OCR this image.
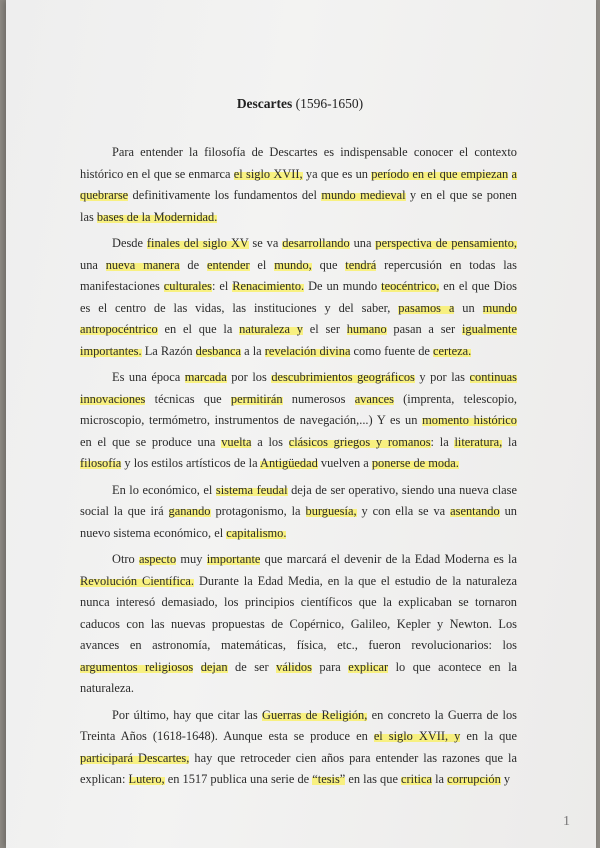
Descartes (1596-1650)

Para entender la filosofía de Descartes es indispensable conocer el contexto histórico en el que se enmarca el siglo XVII, ya que es un período en el que empiezan a quebrarse definitivamente los fundamentos del mundo medieval y en el que se ponen las bases de la Modernidad.

Desde finales del siglo XV se va desarrollando una perspectiva de pensamiento, una nueva manera de entender el mundo, que tendrá repercusión en todas las manifestaciones culturales: el Renacimiento. De un mundo teocéntrico, en el que Dios es el centro de las vidas, las instituciones y del saber, pasamos a un mundo antropocéntrico en el que la naturaleza y el ser humano pasan a ser igualmente importantes. La Razón desbanca a la revelación divina como fuente de certeza.

Es una época marcada por los descubrimientos geográficos y por las continuas innovaciones técnicas que permitirán numerosos avances (imprenta, telescopio, microscopio, termómetro, instrumentos de navegación,...) Y es un momento histórico en el que se produce una vuelta a los clásicos griegos y romanos: la literatura, la filosofía y los estilos artísticos de la Antigüedad vuelven a ponerse de moda.

En lo económico, el sistema feudal deja de ser operativo, siendo una nueva clase social la que irá ganando protagonismo, la burguesía, y con ella se va asentando un nuevo sistema económico, el capitalismo.

Otro aspecto muy importante que marcará el devenir de la Edad Moderna es la Revolución Científica. Durante la Edad Media, en la que el estudio de la naturaleza nunca interesó demasiado, los principios científicos que la explicaban se tornaron caducos con las nuevas propuestas de Copérnico, Galileo, Kepler y Newton. Los avances en astronomía, matemáticas, física, etc., fueron revolucionarios: los argumentos religiosos dejan de ser válidos para explicar lo que acontece en la naturaleza.

Por último, hay que citar las Guerras de Religión, en concreto la Guerra de los Treinta Años (1618-1648). Aunque esta se produce en el siglo XVII, y en la que participará Descartes, hay que retroceder cien años para entender las razones que la explican: Lutero, en 1517 publica una serie de “tesis” en las que critica la corrupción y

1
